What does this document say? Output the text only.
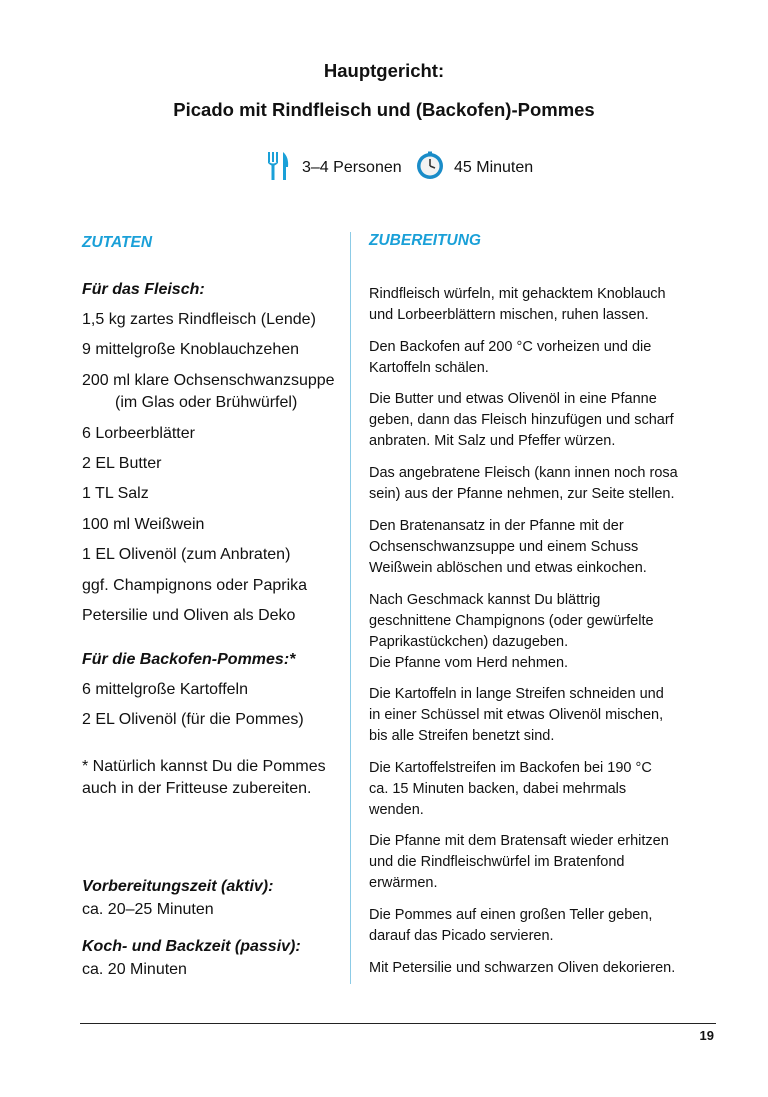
Hauptgericht:
Picado mit Rindfleisch und (Backofen)-Pommes
3–4 Personen	45 Minuten
ZUTATEN
Für das Fleisch:
1,5 kg zartes Rindfleisch (Lende)
9 mittelgroße Knoblauchzehen
200 ml klare Ochsenschwanzsuppe
(im Glas oder Brühwürfel)
6 Lorbeerblätter
2 EL Butter
1 TL Salz
100 ml Weißwein
1 EL Olivenöl (zum Anbraten)
ggf. Champignons oder Paprika
Petersilie und Oliven als Deko
Für die Backofen-Pommes:*
6 mittelgroße Kartoffeln
2 EL Olivenöl (für die Pommes)
* Natürlich kannst Du die Pommes
auch in der Fritteuse zubereiten.
Vorbereitungszeit (aktiv):
ca. 20–25 Minuten
Koch- und Backzeit (passiv):
ca. 20 Minuten
ZUBEREITUNG

Rindfleisch würfeln, mit gehacktem Knoblauch

und Lorbeerblättern mischen, ruhen lassen.

Den Backofen auf 200 °C vorheizen und die

Kartoffeln schälen.

Die Butter und etwas Olivenöl in eine Pfanne

geben, dann das Fleisch hinzufügen und scharf

anbraten. Mit Salz und Pfeffer würzen.

Das angebratene Fleisch (kann innen noch rosa

sein) aus der Pfanne nehmen, zur Seite stellen.

Den Bratenansatz in der Pfanne mit der

Ochsenschwanzsuppe und einem Schuss

Weißwein ablöschen und etwas einkochen.

Nach Geschmack kannst Du blättrig

geschnittene Champignons (oder gewürfelte

Paprikastückchen) dazugeben.

Die Pfanne vom Herd nehmen.

Die Kartoffeln in lange Streifen schneiden und

in einer Schüssel mit etwas Olivenöl mischen,

bis alle Streifen benetzt sind.

Die Kartoffelstreifen im Backofen bei 190 °C

ca. 15 Minuten backen, dabei mehrmals

wenden.

Die Pfanne mit dem Bratensaft wieder erhitzen

und die Rindfleischwürfel im Bratenfond

erwärmen.

Die Pommes auf einen großen Teller geben,

darauf das Picado servieren.

Mit Petersilie und schwarzen Oliven dekorieren.

19
